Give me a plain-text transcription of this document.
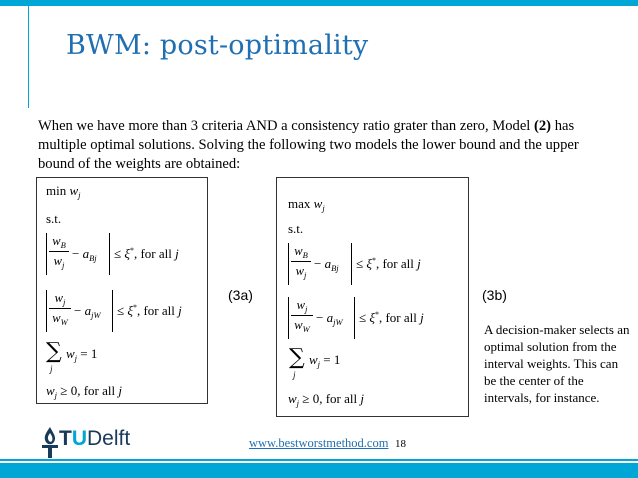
BWM: post-optimality
When we have more than 3 criteria AND a consistency ratio grater than zero, Model (2) has multiple optimal solutions. Solving the following two models the lower bound and the upper bound of the weights are obtained:
$\min w_j$
s.t.
$\frac{w_B}{w_j} - a_{Bj} \le \xi^*$, for all j
$\frac{w_j}{w_W} - a_{jW} \le \xi^*$, for all j
∑
j
$w_j = 1$
$w_j \ge 0$, for all j
(3a)
$\max w_j$
s.t.
$\frac{w_B}{w_j} - a_{Bj} \le \xi^*$, for all j
$\frac{w_j}{w_W} - a_{jW} \le \xi^*$, for all j
∑
j
$w_j = 1$
$w_j \ge 0$, for all j
(3b)
A decision-maker selects an optimal solution from the interval weights. This can be the center of the intervals, for instance.
TUDelft	www.bestworstmethod.com 18
